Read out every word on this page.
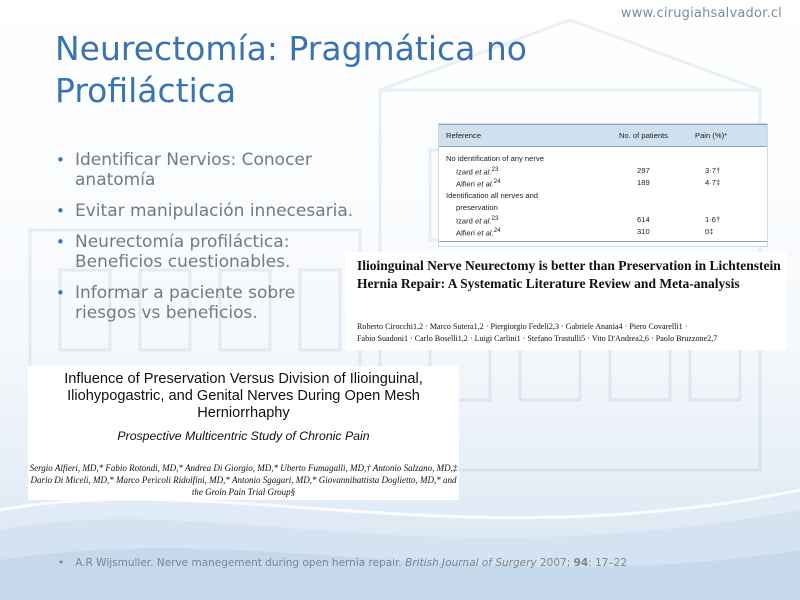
www.cirugiahsalvador.cl
Neurectomía: Pragmática no Profiláctica
• Identificar Nervios: Conocer anatomía
• Evitar manipulación innecesaria.
• Neurectomía profiláctica: Beneficios cuestionables.
• Informar a paciente sobre riesgos vs beneficios.
Reference	No. of patients	Pain (%)*
No identification of any nerve
Izard et al.$^{23}$	297	3·7†
Alfieri et al.$^{24}$	189	4·7‡
Identification all nerves and
preservation
Izard et al.$^{23}$	614	1·6†
Alfieri et al.$^{24}$	310	0‡
Ilioinguinal Nerve Neurectomy is better than Preservation in Lichtenstein Hernia Repair: A Systematic Literature Review and Meta-analysis
Roberto Cirocchi1,2 · Marco Sutera1,2 · Piergiorgio Fedeli2,3 · Gabriele Anania4 · Piero Covarelli1 ·
Fabio Suadoni1 · Carlo Boselli1,2 · Luigi Carlini1 · Stefano Trastulli5 · Vito D'Andrea2,6 · Paolo Bruzzone2,7
Influence of Preservation Versus Division of Ilioinguinal, Iliohypogastric, and Genital Nerves During Open Mesh Herniorrhaphy
Prospective Multicentric Study of Chronic Pain
Sergio Alfieri, MD,* Fabio Rotondi, MD,* Andrea Di Giorgio, MD,* Uberto Fumagalli, MD,† Antonio Salzano, MD,‡ Dario Di Miceli, MD,* Marco Pericoli Ridolfini, MD,* Antonio Sgagari, MD,* Giovannibattista Doglietto, MD,* and the Groin Pain Trial Group§
• A.R Wijsmuller. Nerve manegement during open hernia repair. British Journal of Surgery 2007; 94: 17–22
